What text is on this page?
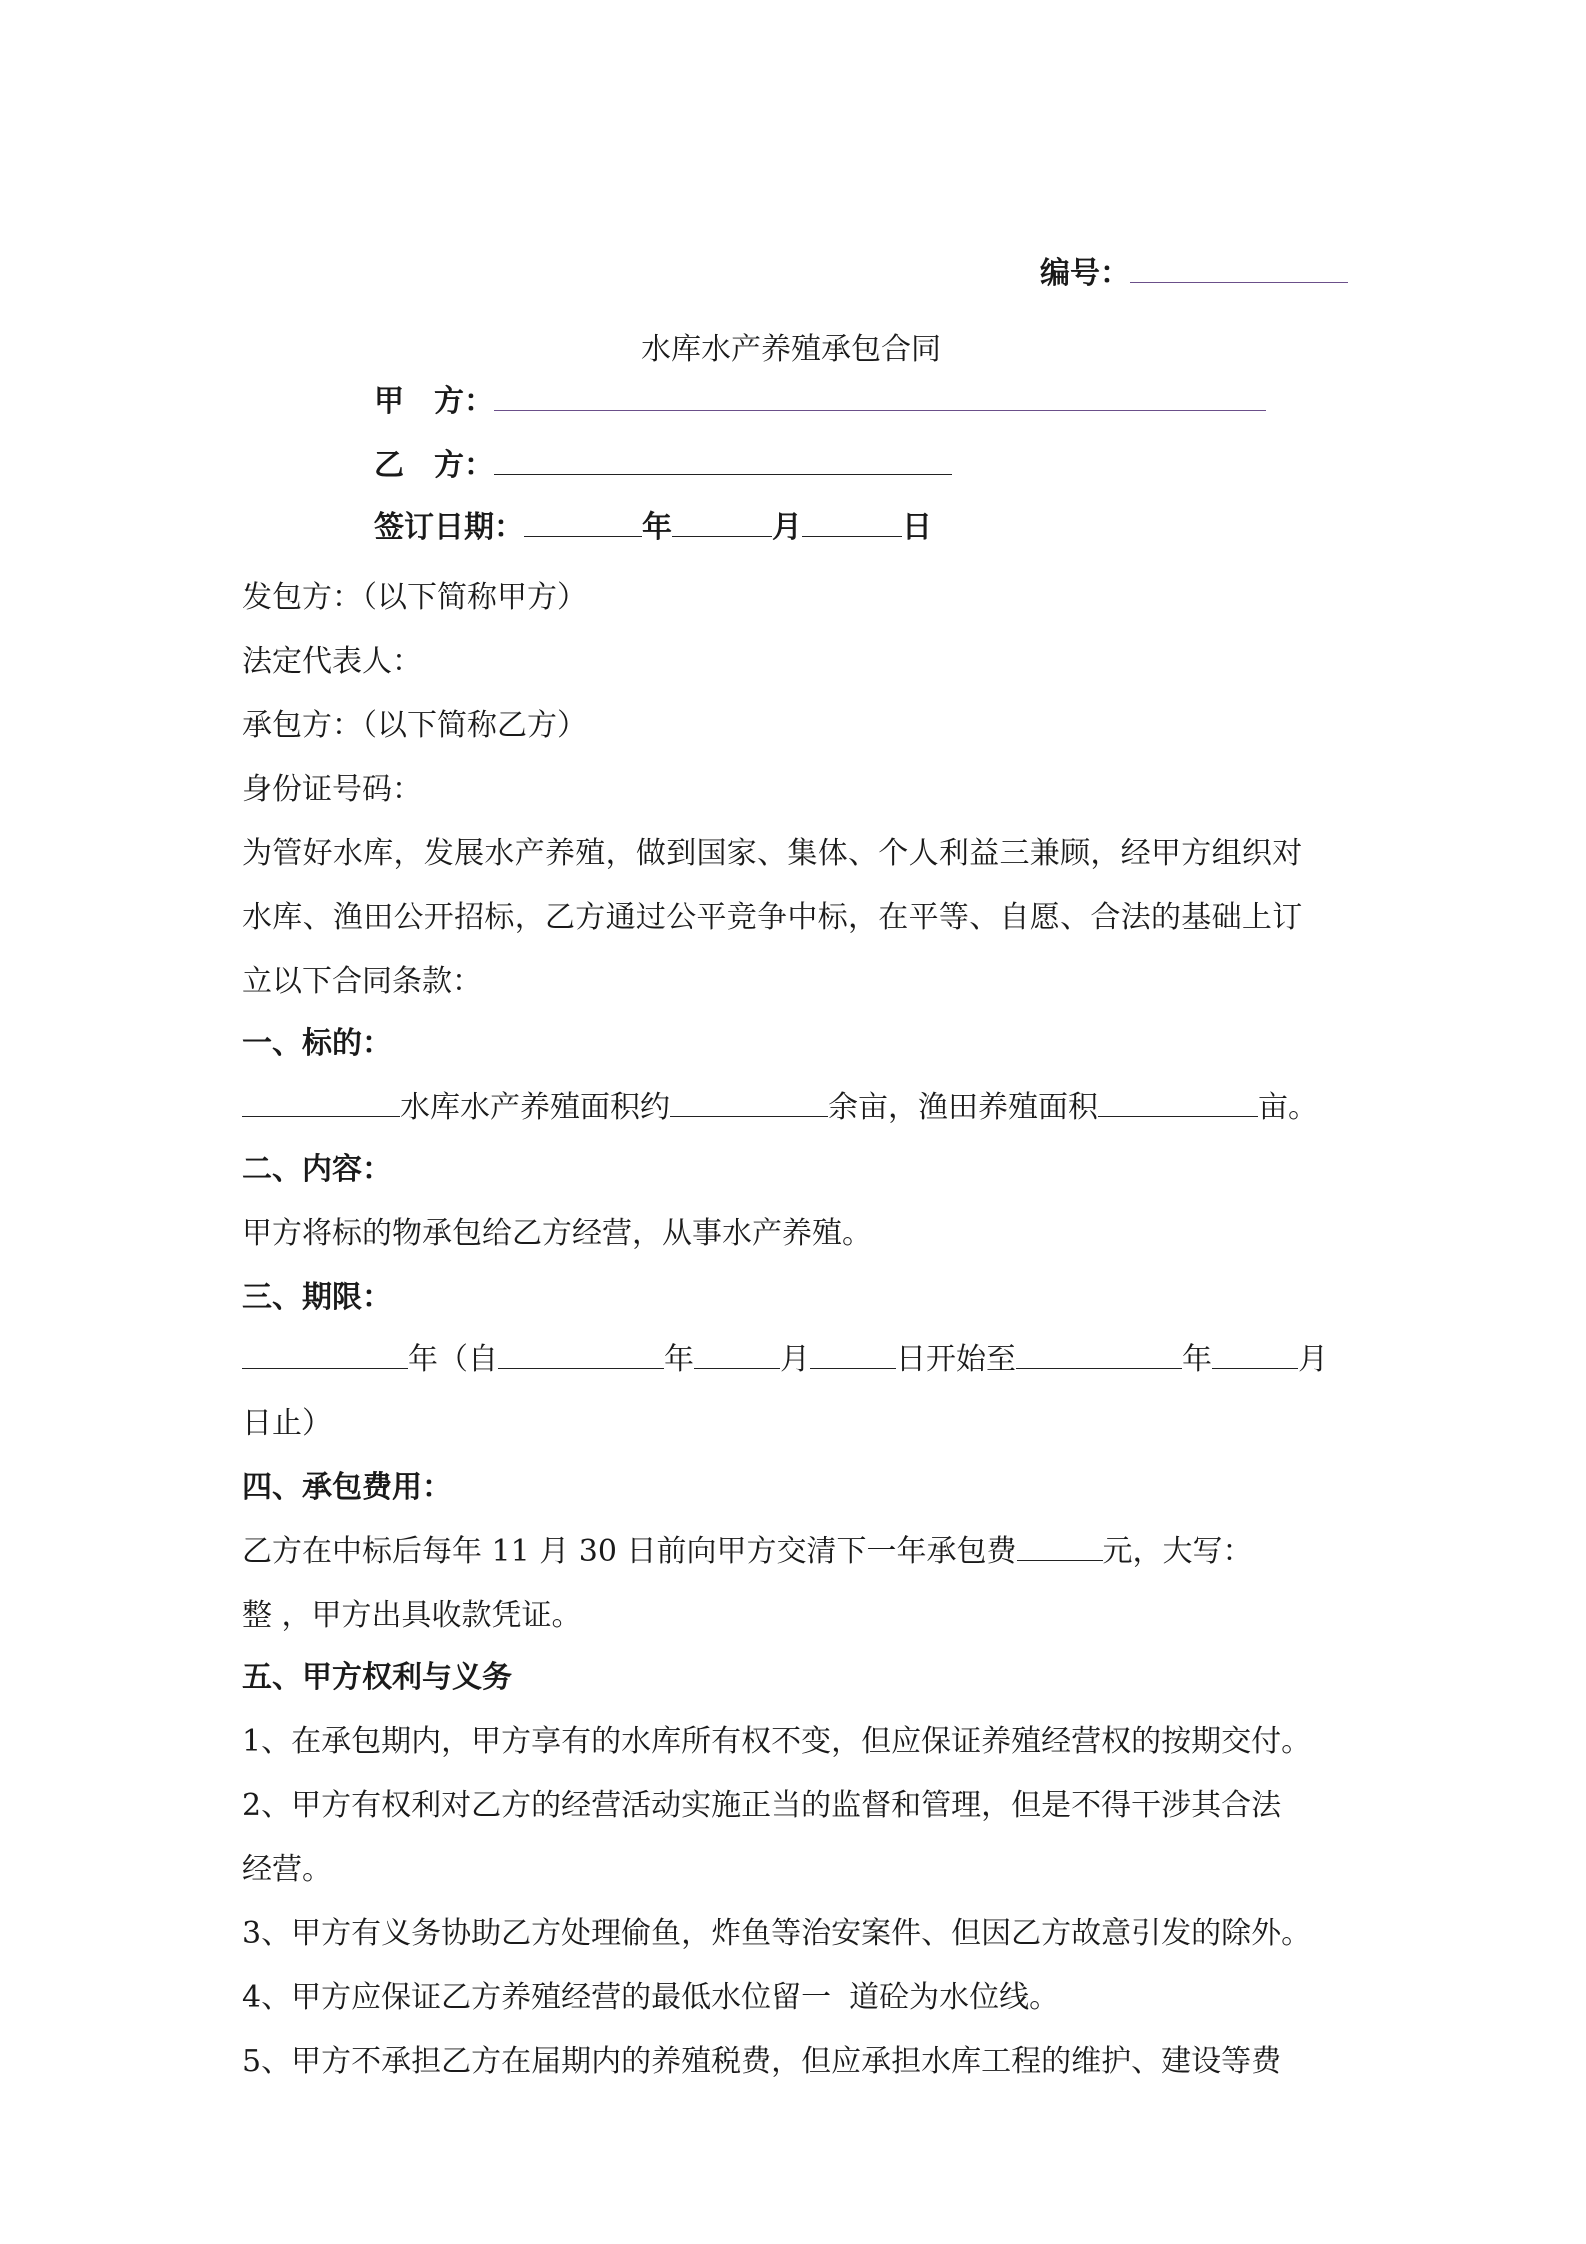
编号：
水库水产养殖承包合同
甲　方：
乙　方：
签订日期：	年	月	日
发包方：（以下简称甲方）
法定代表人：
承包方：（以下简称乙方）
身份证号码：
为管好水库，发展水产养殖，做到国家、集体、个人利益三兼顾，经甲方组织对
水库、渔田公开招标，乙方通过公平竞争中标，在平等、自愿、合法的基础上订
立以下合同条款：
一、标的：
水库水产养殖面积约	余亩，渔田养殖面积	亩。
二、内容：
甲方将标的物承包给乙方经营，从事水产养殖。
三、期限：
年（自	年	月	日开始至	年	月
日止）
四、承包费用：
乙方在中标后每年 11 月 30 日前向甲方交清下一年承包费	元，大写：
整 ，甲方出具收款凭证。
五、甲方权利与义务
1、在承包期内，甲方享有的水库所有权不变，但应保证养殖经营权的按期交付。
2、甲方有权利对乙方的经营活动实施正当的监督和管理，但是不得干涉其合法
经营。
3、甲方有义务协助乙方处理偷鱼，炸鱼等治安案件、但因乙方故意引发的除外。
4、甲方应保证乙方养殖经营的最低水位留一 道砼为水位线。
5、甲方不承担乙方在届期内的养殖税费，但应承担水库工程的维护、建设等费
